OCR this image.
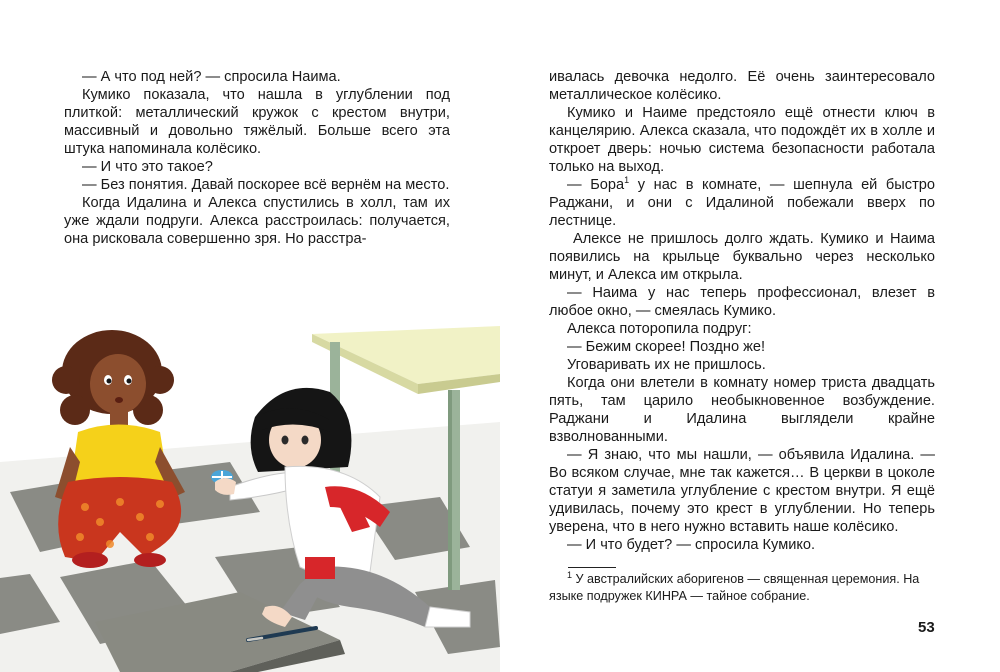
— А что под ней? — спросила Наима.

Кумико показала, что нашла в углублении под плиткой: металлический кружок с крестом внутри, массивный и довольно тяжёлый. Больше всего эта штука напоминала колёсико.

— И что это такое?

— Без понятия. Давай поскорее всё вернём на место.

Когда Идалина и Алекса спустились в холл, там их уже ждали подруги. Алекса расстроилась: получается, она рисковала совершенно зря. Но расстра-

ивалась девочка недолго. Её очень заинтересовало металлическое колёсико.

Кумико и Наиме предстояло ещё отнести ключ в канцелярию. Алекса сказала, что подождёт их в холле и откроет дверь: ночью система безопасности работала только на выход.

— Бора$^1$ у нас в комнате, — шепнула ей быстро Раджани, и они с Идалиной побежали вверх по лестнице.

Алексе не пришлось долго ждать. Кумико и Наима появились на крыльце буквально через несколько минут, и Алекса им открыла.

— Наима у нас теперь профессионал, влезет в любое окно, — смеялась Кумико.

Алекса поторопила подруг:

— Бежим скорее! Поздно же!

Уговаривать их не пришлось.

Когда они влетели в комнату номер триста двадцать пять, там царило необыкновенное возбуждение. Раджани и Идалина выглядели крайне взволнованными.

— Я знаю, что мы нашли, — объявила Идалина. — Во всяком случае, мне так кажется… В церкви в цоколе статуи я заметила углубление с крестом внутри. Я ещё удивилась, почему это крест в углублении. Но теперь уверена, что в него нужно вставить наше колёсико.

— И что будет? — спросила Кумико.

$^1$ У австралийских аборигенов — священная церемония. На языке подружек КИНРА — тайное собрание.

53
